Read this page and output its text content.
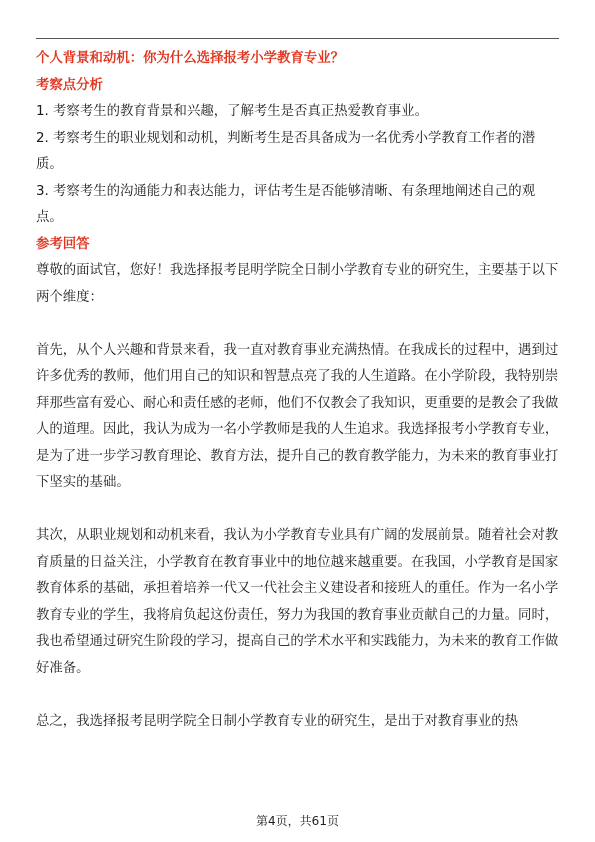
个人背景和动机：你为什么选择报考小学教育专业？

考察点分析

1. 考察考生的教育背景和兴趣，了解考生是否真正热爱教育事业。

2. 考察考生的职业规划和动机，判断考生是否具备成为一名优秀小学教育工作者的潜质。

3. 考察考生的沟通能力和表达能力，评估考生是否能够清晰、有条理地阐述自己的观点。

参考回答

尊敬的面试官，您好！我选择报考昆明学院全日制小学教育专业的研究生，主要基于以下两个维度：

首先，从个人兴趣和背景来看，我一直对教育事业充满热情。在我成长的过程中，遇到过许多优秀的教师，他们用自己的知识和智慧点亮了我的人生道路。在小学阶段，我特别崇拜那些富有爱心、耐心和责任感的老师，他们不仅教会了我知识，更重要的是教会了我做人的道理。因此，我认为成为一名小学教师是我的人生追求。我选择报考小学教育专业，是为了进一步学习教育理论、教育方法，提升自己的教育教学能力，为未来的教育事业打下坚实的基础。

其次，从职业规划和动机来看，我认为小学教育专业具有广阔的发展前景。随着社会对教育质量的日益关注，小学教育在教育事业中的地位越来越重要。在我国，小学教育是国家教育体系的基础，承担着培养一代又一代社会主义建设者和接班人的重任。作为一名小学教育专业的学生，我将肩负起这份责任，努力为我国的教育事业贡献自己的力量。同时，我也希望通过研究生阶段的学习，提高自己的学术水平和实践能力，为未来的教育工作做好准备。

总之，我选择报考昆明学院全日制小学教育专业的研究生，是出于对教育事业的热

第4页，共61页
